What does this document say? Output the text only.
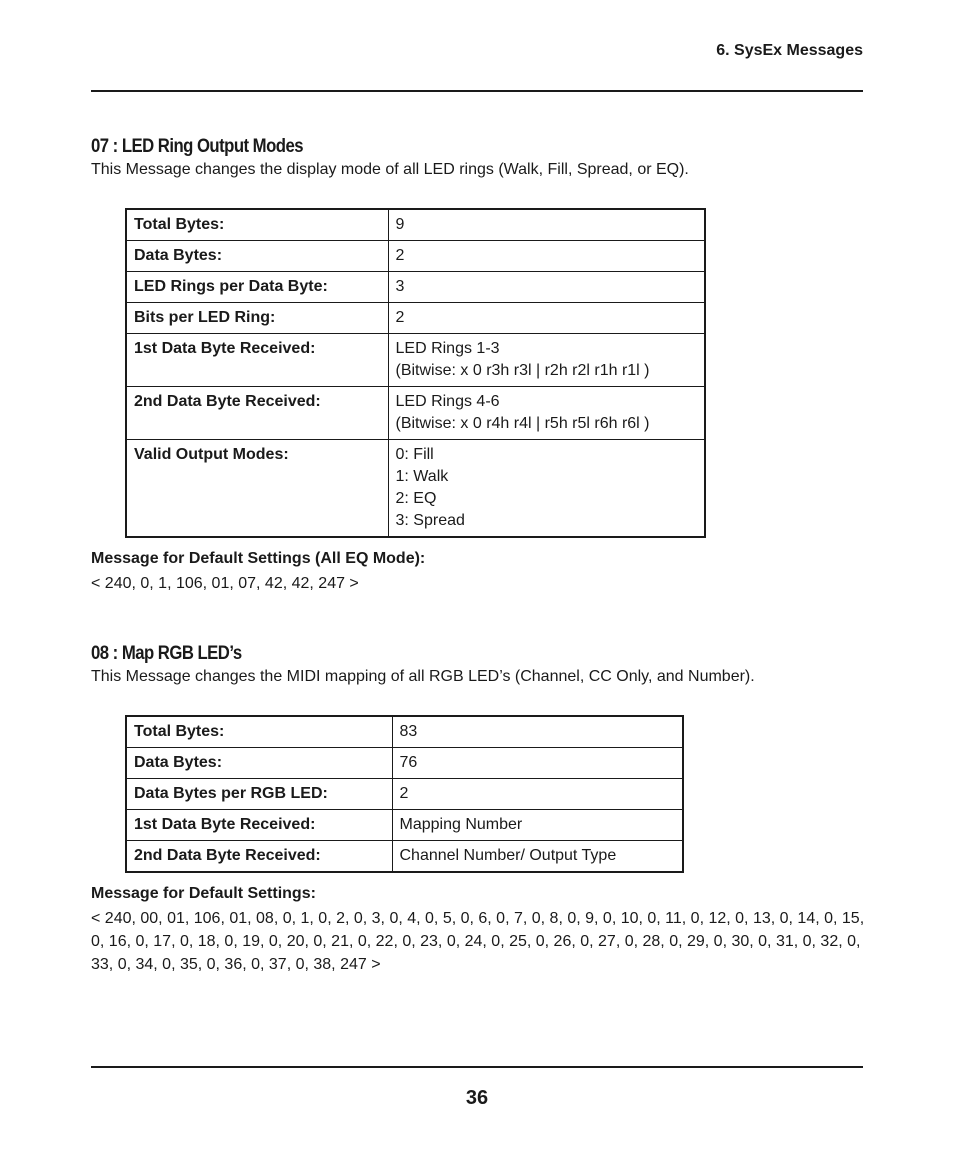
6. SysEx Messages
07 : LED Ring Output Modes
This Message changes the display mode of all LED rings (Walk, Fill, Spread, or EQ).
Total Bytes:	9

Data Bytes:	2

LED Rings per Data Byte:	3

Bits per LED Ring:	2

1st Data Byte Received:	LED Rings 1-3
(Bitwise: x 0 r3h r3l | r2h r2l r1h r1l )

2nd Data Byte Received:	LED Rings 4-6
(Bitwise: x 0 r4h r4l | r5h r5l r6h r6l )

Valid Output Modes:	0: Fill
1: Walk
2: EQ
3: Spread
Message for Default Settings (All EQ Mode):
< 240, 0, 1, 106, 01, 07, 42, 42, 247 >
08 : Map RGB LED’s
This Message changes the MIDI mapping of all RGB LED’s (Channel, CC Only, and Number).
Total Bytes:	83

Data Bytes:	76

Data Bytes per RGB LED:	2

1st Data Byte Received:	Mapping Number

2nd Data Byte Received:	Channel Number/ Output Type
Message for Default Settings:
< 240, 00, 01, 106, 01, 08, 0, 1, 0, 2, 0, 3, 0, 4, 0, 5, 0, 6, 0, 7, 0, 8, 0, 9, 0, 10, 0, 11, 0, 12, 0, 13, 0, 14, 0, 15, 0, 16, 0, 17, 0, 18, 0, 19, 0, 20, 0, 21, 0, 22, 0, 23, 0, 24, 0, 25, 0, 26, 0, 27, 0, 28, 0, 29, 0, 30, 0, 31, 0, 32, 0, 33, 0, 34, 0, 35, 0, 36, 0, 37, 0, 38, 247 >
36
